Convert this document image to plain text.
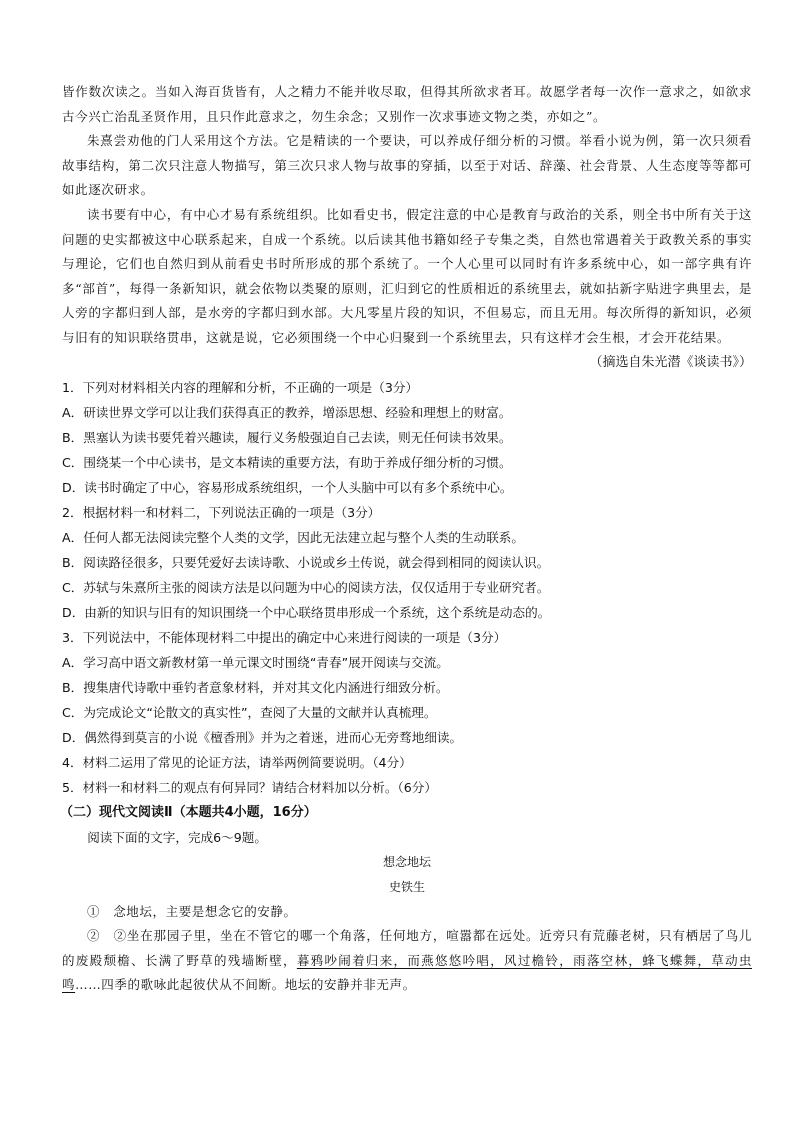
皆作数次读之。当如入海百货皆有，人之精力不能并收尽取，但得其所欲求者耳。故愿学者每一次作一意求之，如欲求古今兴亡治乱圣贤作用，且只作此意求之，勿生余念；又别作一次求事迹文物之类，亦如之”。

朱熹尝劝他的门人采用这个方法。它是精读的一个要诀，可以养成仔细分析的习惯。举看小说为例，第一次只须看故事结构，第二次只注意人物描写，第三次只求人物与故事的穿插，以至于对话、辞藻、社会背景、人生态度等等都可如此逐次研求。

读书要有中心，有中心才易有系统组织。比如看史书，假定注意的中心是教育与政治的关系，则全书中所有关于这问题的史实都被这中心联系起来，自成一个系统。以后读其他书籍如经子专集之类，自然也常遇着关于政教关系的事实与理论，它们也自然归到从前看史书时所形成的那个系统了。一个人心里可以同时有许多系统中心，如一部字典有许多“部首”，每得一条新知识，就会依物以类聚的原则，汇归到它的性质相近的系统里去，就如拈新字贴进字典里去，是人旁的字都归到人部，是水旁的字都归到水部。大凡零星片段的知识，不但易忘，而且无用。每次所得的新知识，必须与旧有的知识联络贯串，这就是说，它必须围绕一个中心归聚到一个系统里去，只有这样才会生根，才会开花结果。

（摘选自朱光潜《谈读书》）

1．下列对材料相关内容的理解和分析，不正确的一项是（3分）

A．研读世界文学可以让我们获得真正的教养，增添思想、经验和理想上的财富。

B．黑塞认为读书要凭着兴趣读，履行义务般强迫自己去读，则无任何读书效果。

C．围绕某一个中心读书，是文本精读的重要方法，有助于养成仔细分析的习惯。

D．读书时确定了中心，容易形成系统组织，一个人头脑中可以有多个系统中心。

2．根据材料一和材料二，下列说法正确的一项是（3分）

A．任何人都无法阅读完整个人类的文学，因此无法建立起与整个人类的生动联系。

B．阅读路径很多，只要凭爱好去读诗歌、小说或乡土传说，就会得到相同的阅读认识。

C．苏轼与朱熹所主张的阅读方法是以问题为中心的阅读方法，仅仅适用于专业研究者。

D．由新的知识与旧有的知识围绕一个中心联络贯串形成一个系统，这个系统是动态的。

3．下列说法中，不能体现材料二中提出的确定中心来进行阅读的一项是（3分）

A．学习高中语文新教材第一单元课文时围绕“青春”展开阅读与交流。

B．搜集唐代诗歌中垂钓者意象材料，并对其文化内涵进行细致分析。

C．为完成论文“论散文的真实性”，查阅了大量的文献并认真梳理。

D．偶然得到莫言的小说《檀香刑》并为之着迷，进而心无旁骛地细读。

4．材料二运用了常见的论证方法，请举两例简要说明。（4分）

5．材料一和材料二的观点有何异同？请结合材料加以分析。（6分）

（二）现代文阅读Ⅱ（本题共4小题，16分）

阅读下面的文字，完成6～9题。

想念地坛

史铁生

①　念地坛，主要是想念它的安静。

②　②坐在那园子里，坐在不管它的哪一个角落，任何地方，喧嚣都在远处。近旁只有荒藤老树，只有栖居了鸟儿的废殿颓檐、长满了野草的残墙断壁，暮鸦吵闹着归来，而燕悠悠吟唱，风过檐铃，雨落空林，蜂飞蝶舞，草动虫鸣……四季的歌咏此起彼伏从不间断。地坛的安静并非无声。
